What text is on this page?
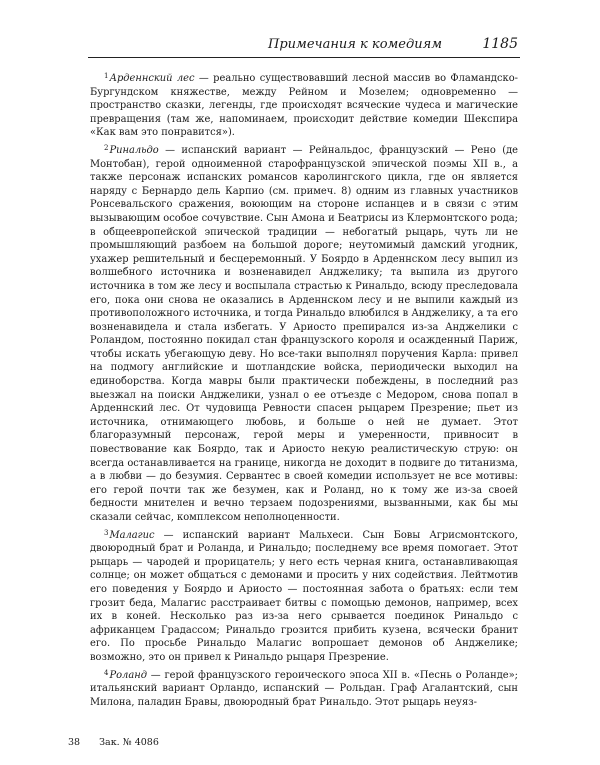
Примечания к комедиям	1185

$^1$Арденнский лес — реально существовавший лесной массив во Фламандско-Бургундском княжестве, между Рейном и Мозелем; одновременно — пространство сказки, легенды, где происходят всяческие чудеса и магические превращения (там же, напоминаем, происходит действие комедии Шекспира «Как вам это понравится»).

$^2$Ринальдо — испанский вариант — Рейнальдос, французский — Рено (де Монтобан), герой одноименной старофранцузской эпической поэмы XII в., а также персонаж испанских романсов каролингского цикла, где он является наряду с Бернардо дель Карпио (см. примеч. 8) одним из главных участников Ронсевальского сражения, воюющим на стороне испанцев и в связи с этим вызывающим особое сочувствие. Сын Амона и Беатрисы из Клермонтского рода; в общеевропейской эпической традиции — небогатый рыцарь, чуть ли не промышляющий разбоем на большой дороге; неутомимый дамский угодник, ухажер решительный и бесцеремонный. У Боярдо в Арденнском лесу выпил из волшебного источника и возненавидел Анджелику; та выпила из другого источника в том же лесу и воспылала страстью к Ринальдо, всюду преследовала его, пока они снова не оказались в Арденнском лесу и не выпили каждый из противоположного источника, и тогда Ринальдо влюбился в Анджелику, а та его возненавидела и стала избегать. У Ариосто препирался из-за Анджелики с Роландом, постоянно покидал стан французского короля и осажденный Париж, чтобы искать убегающую деву. Но все-таки выполнял поручения Карла: привел на подмогу английские и шотландские войска, периодически выходил на единоборства. Когда мавры были практически побеждены, в последний раз выезжал на поиски Анджелики, узнал о ее отъезде с Медором, снова попал в Арденнский лес. От чудовища Ревности спасен рыцарем Презрение; пьет из источника, отнимающего любовь, и больше о ней не думает. Этот благоразумный персонаж, герой меры и умеренности, привносит в повествование как Боярдо, так и Ариосто некую реалистическую струю: он всегда останавливается на границе, никогда не доходит в подвиге до титанизма, а в любви — до безумия. Сервантес в своей комедии использует не все мотивы: его герой почти так же безумен, как и Роланд, но к тому же из-за своей бедности мнителен и вечно терзаем подозрениями, вызванными, как бы мы сказали сейчас, комплексом неполноценности.

$^3$Малагис — испанский вариант Мальхеси. Сын Бовы Агрисмонтского, двоюродный брат и Роланда, и Ринальдо; последнему все время помогает. Этот рыцарь — чародей и прорицатель; у него есть черная книга, останавливающая солнце; он может общаться с демонами и просить у них содействия. Лейтмотив его поведения у Боярдо и Ариосто — постоянная забота о братьях: если тем грозит беда, Малагис расстраивает битвы с помощью демонов, например, всех их в коней. Несколько раз из-за него срывается поединок Ринальдо с африканцем Градассом; Ринальдо грозится прибить кузена, всячески бранит его. По просьбе Ринальдо Малагис вопрошает демонов об Анджелике; возможно, это он привел к Ринальдо рыцаря Презрение.

$^4$Роланд — герой французского героического эпоса XII в. «Песнь о Роланде»; итальянский вариант Орландо, испанский — Рольдан. Граф Агалантский, сын Милона, паладин Бравы, двоюродный брат Ринальдо. Этот рыцарь неуяз-

38 Зак. № 4086
